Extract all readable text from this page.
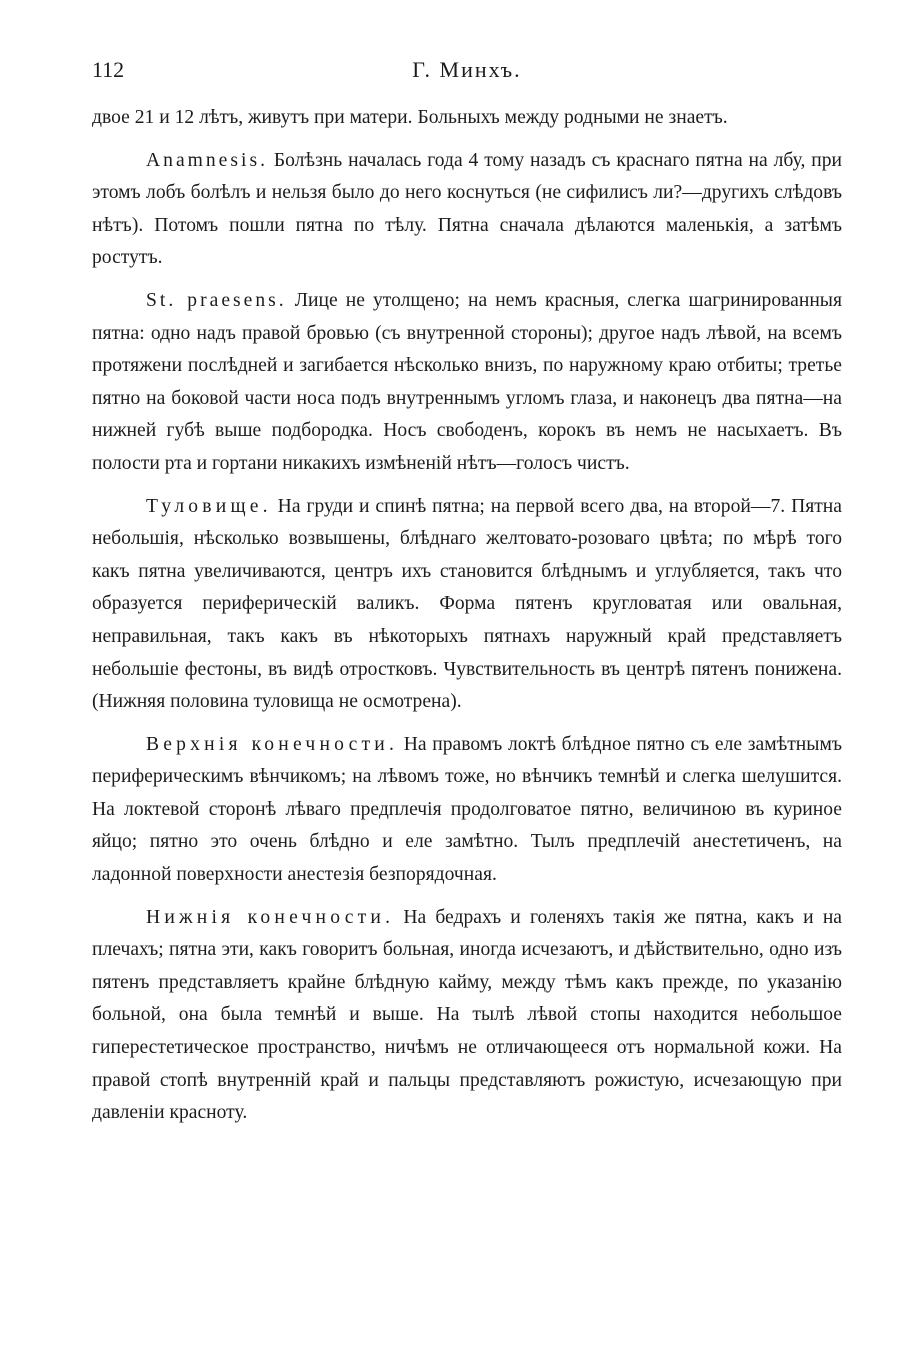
112	Г. Минхъ.

двое 21 и 12 лѣтъ, живутъ при матери. Больныхъ между родными не знаетъ.

Anamnesis. Болѣзнь началась года 4 тому назадъ съ краснаго пятна на лбу, при этомъ лобъ болѣлъ и нельзя было до него коснуться (не сифилисъ ли?—другихъ слѣдовъ нѣтъ). Потомъ пошли пятна по тѣлу. Пятна сначала дѣлаются маленькія, а затѣмъ ростутъ.

St. praesens. Лице не утолщено; на немъ красныя, слегка шагринированныя пятна: одно надъ правой бровью (съ внутренной стороны); другое надъ лѣвой, на всемъ протяжени послѣдней и загибается нѣсколько внизъ, по наружному краю отбиты; третье пятно на боковой части носа подъ внутреннымъ угломъ глаза, и наконецъ два пятна—на нижней губѣ выше подбородка. Носъ свободенъ, корокъ въ немъ не насыхаетъ. Въ полости рта и гортани никакихъ измѣненій нѣтъ—голосъ чистъ.

Туловище. На груди и спинѣ пятна; на первой всего два, на второй—7. Пятна небольшія, нѣсколько возвышены, блѣднаго желтовато-розоваго цвѣта; по мѣрѣ того какъ пятна увеличиваются, центръ ихъ становится блѣднымъ и углубляется, такъ что образуется периферическій валикъ. Форма пятенъ кругловатая или овальная, неправильная, такъ какъ въ нѣкоторыхъ пятнахъ наружный край представляетъ небольшіе фестоны, въ видѣ отростковъ. Чувствительность въ центрѣ пятенъ понижена. (Нижняя половина туловища не осмотрена).

Верхнія конечности. На правомъ локтѣ блѣдное пятно съ еле замѣтнымъ периферическимъ вѣнчикомъ; на лѣвомъ тоже, но вѣнчикъ темнѣй и слегка шелушится. На локтевой сторонѣ лѣваго предплечія продолговатое пятно, величиною въ куриное яйцо; пятно это очень блѣдно и еле замѣтно. Тылъ предплечій анестетиченъ, на ладонной поверхности анестезія безпорядочная.

Нижнія конечности. На бедрахъ и голеняхъ такія же пятна, какъ и на плечахъ; пятна эти, какъ говоритъ больная, иногда исчезаютъ, и дѣйствительно, одно изъ пятенъ представляетъ крайне блѣдную кайму, между тѣмъ какъ прежде, по указанію больной, она была темнѣй и выше. На тылѣ лѣвой стопы находится небольшое гиперестетическое пространство, ничѣмъ не отличающееся отъ нормальной кожи. На правой стопѣ внутренній край и пальцы представляютъ рожистую, исчезающую при давленіи красноту.
